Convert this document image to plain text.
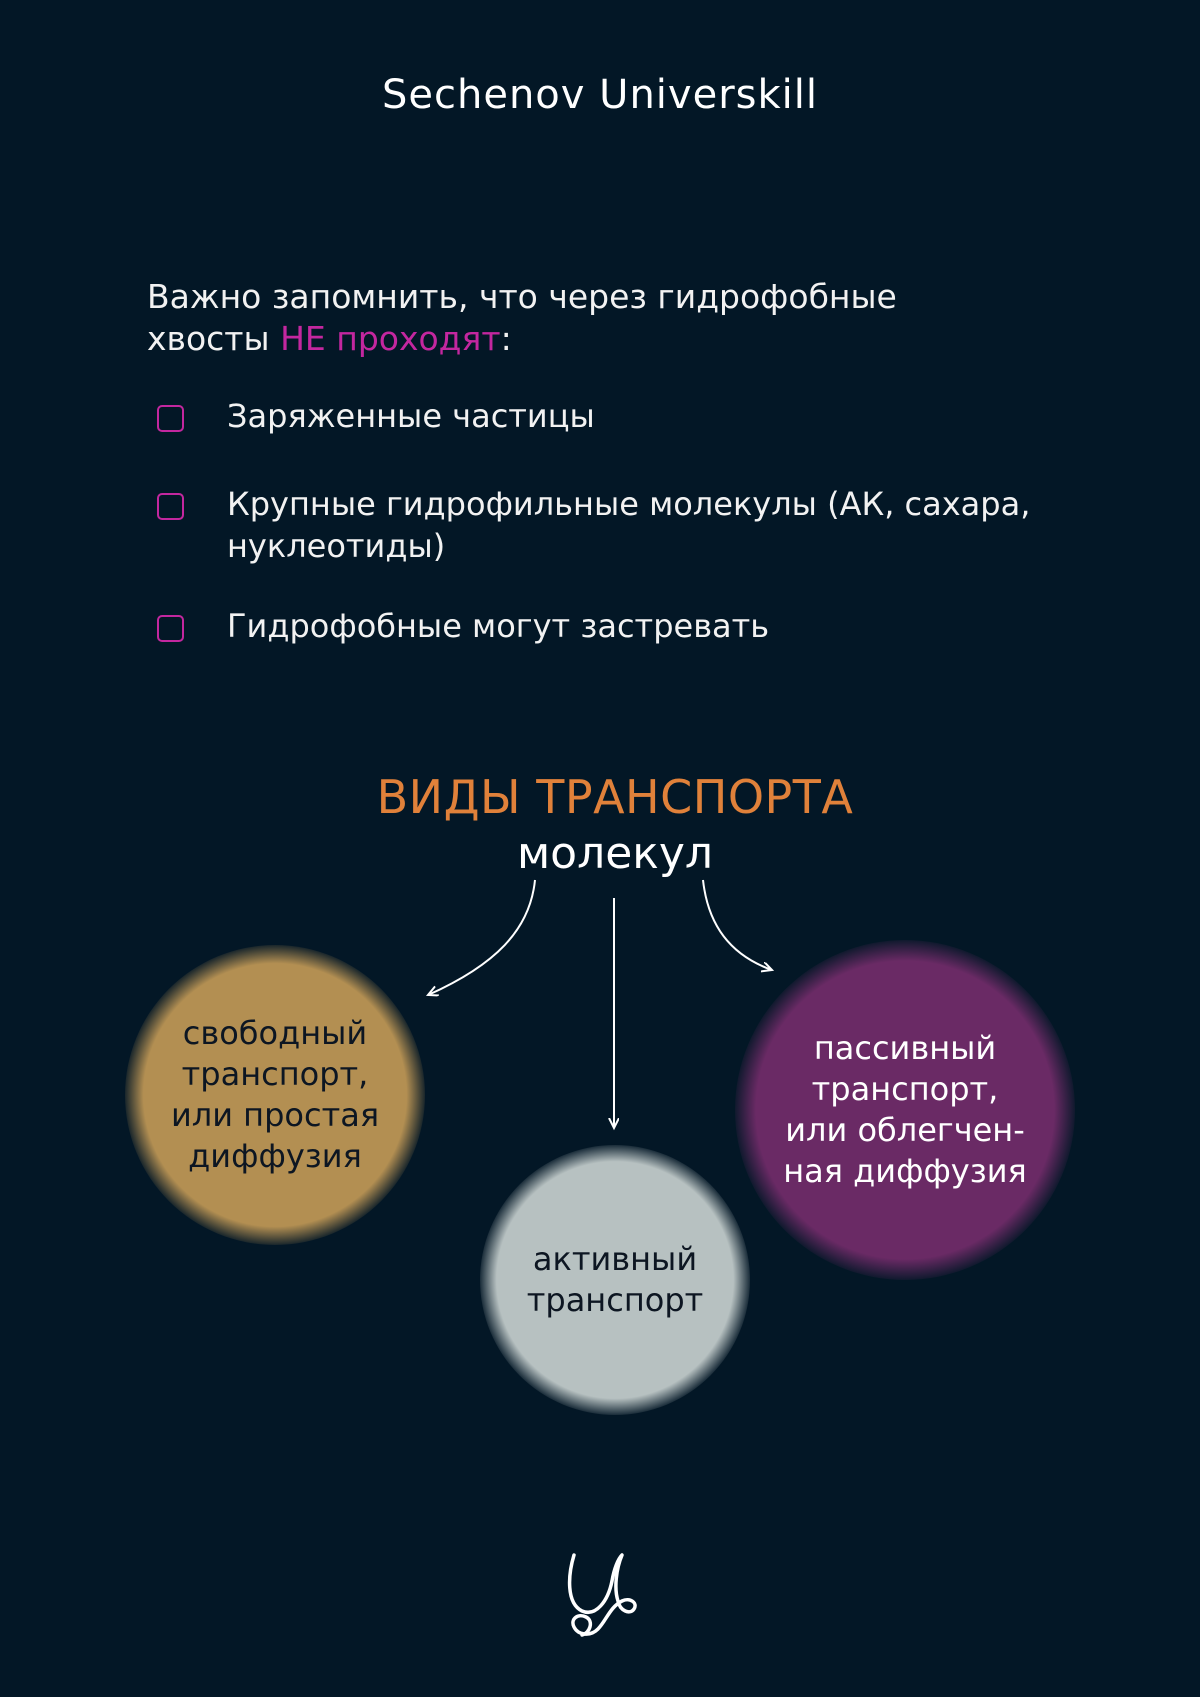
Sechenov Universkill
Важно запомнить, что через гидрофобные хвосты НЕ проходят:
Заряженные частицы
Крупные гидрофильные молекулы (АК, сахара, нуклеотиды)
Гидрофобные могут застревать
ВИДЫ ТРАНСПОРТА
молекул
свободный
транспорт,
или простая
диффузия
пассивный
транспорт,
или облегчен-
ная диффузия
активный
транспорт
